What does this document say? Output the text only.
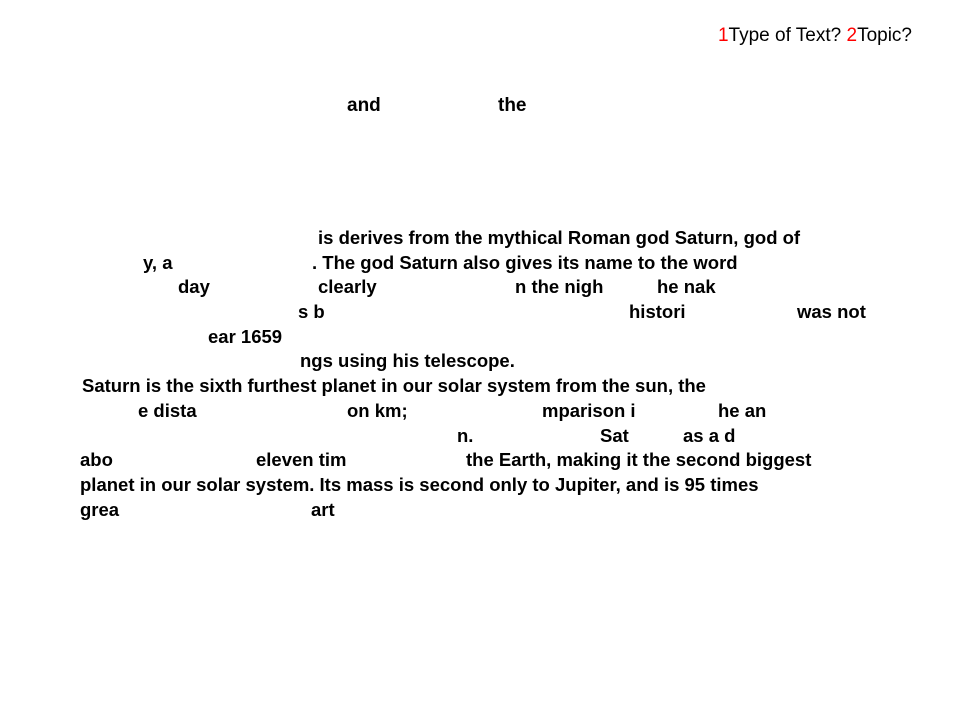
1Type of Text? 2Topic?
and	the
is derives from the mythical Roman god Saturn, god of
y, a	. The god Saturn also gives its name to the word
day	clearly	n the nigh	he nak
s b	histori	was not
ear 1659
ngs using his telescope.
Saturn is the sixth furthest planet in our solar system from the sun, the
e dista	on km;	mparison i	he an
n.	Sat	as a d
abo	eleven tim	the Earth, making it the second biggest
planet in our solar system. Its mass is second only to Jupiter, and is 95 times
grea	art
